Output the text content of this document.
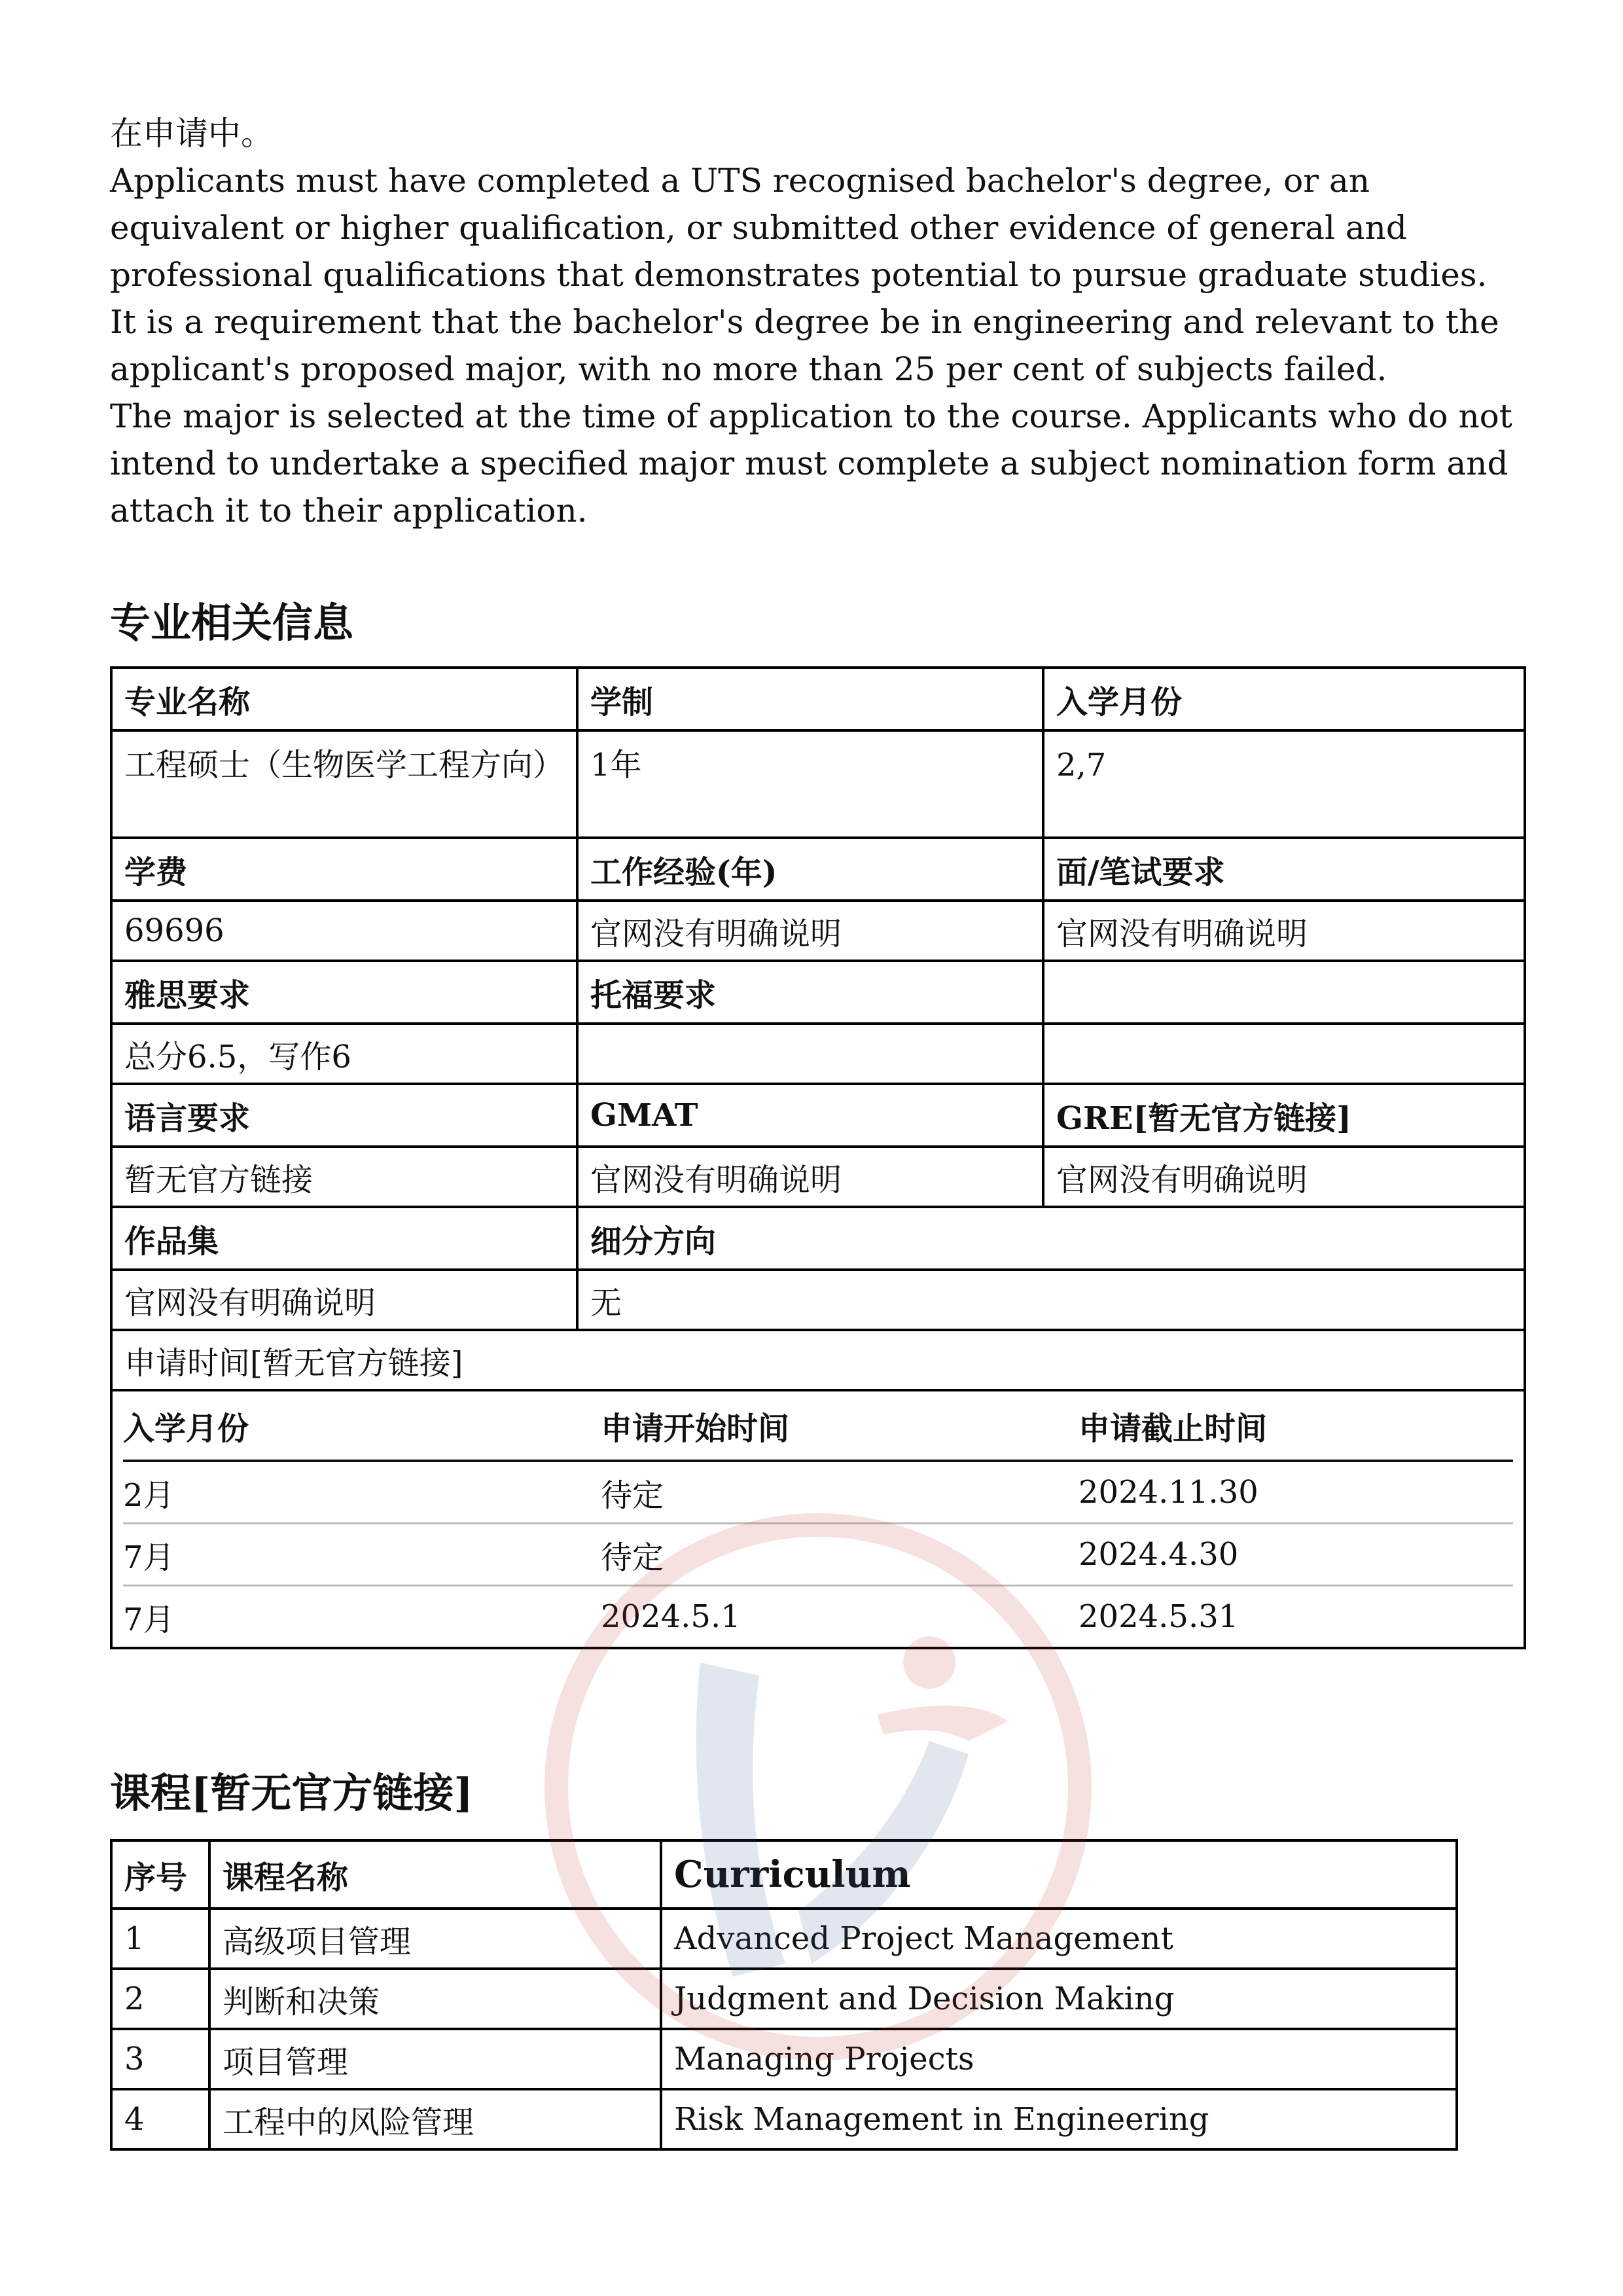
在申请中。

Applicants must have completed a UTS recognised bachelor's degree, or an equivalent or higher qualification, or submitted other evidence of general and professional qualifications that demonstrates potential to pursue graduate studies.

It is a requirement that the bachelor's degree be in engineering and relevant to the applicant's proposed major, with no more than 25 per cent of subjects failed.

The major is selected at the time of application to the course. Applicants who do not intend to undertake a specified major must complete a subject nomination form and attach it to their application.

专业相关信息
专业名称	学制	入学月份
工程硕士（生物医学工程方向）	1年	2,7
学费	工作经验(年)	面/笔试要求
69696	官网没有明确说明	官网没有明确说明
雅思要求	托福要求	
总分6.5，写作6		
语言要求	GMAT	GRE[暂无官方链接]
暂无官方链接	官网没有明确说明	官网没有明确说明
作品集	细分方向
官网没有明确说明	无
申请时间[暂无官方链接]

入学月份	申请开始时间	申请截止时间
2月	待定	2024.11.30
7月	待定	2024.4.30
7月	2024.5.1	2024.5.31
课程[暂无官方链接]
序号	课程名称	Curriculum
1	高级项目管理	Advanced Project Management
2	判断和决策	Judgment and Decision Making
3	项目管理	Managing Projects
4	工程中的风险管理	Risk Management in Engineering
